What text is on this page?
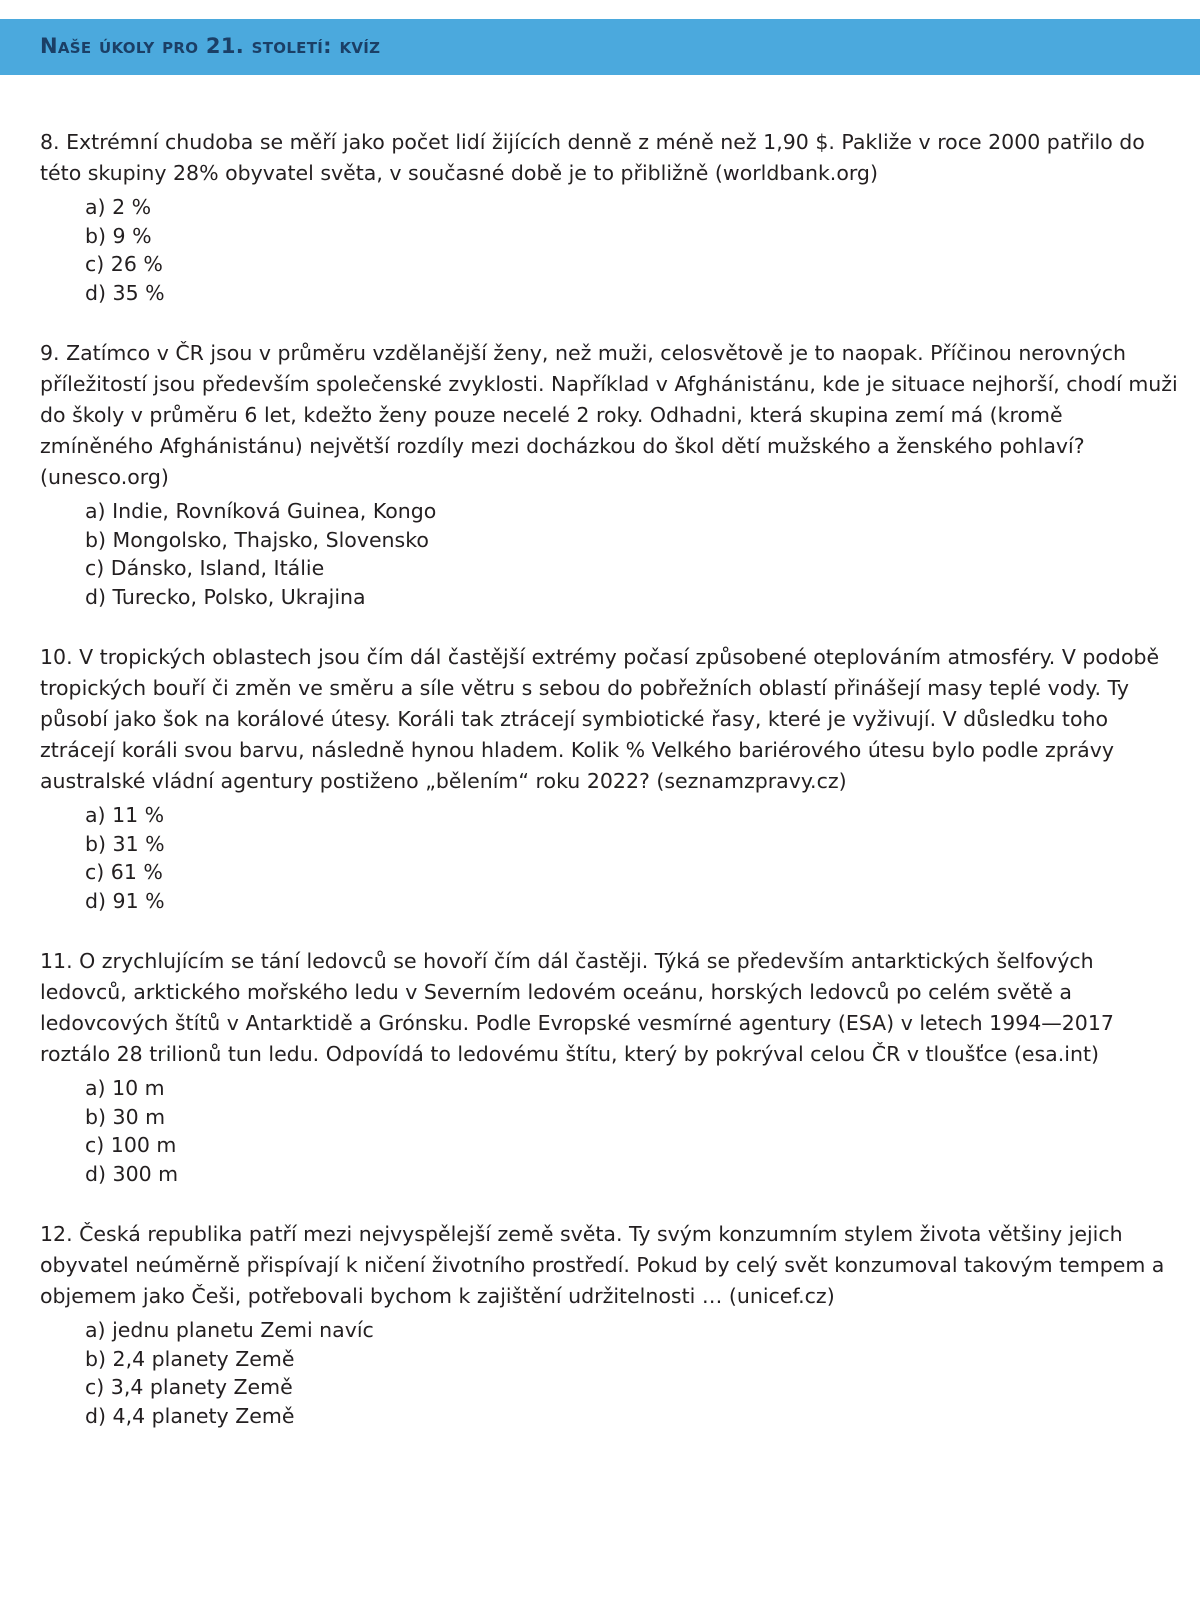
Naše úkoly pro 21. století: kvíz

8. Extrémní chudoba se měří jako počet lidí žijících denně z méně než 1,90 $. Pakliže v roce 2000 patřilo do této skupiny 28% obyvatel světa, v současné době je to přibližně (worldbank.org)

a) 2 %
b) 9 %
c) 26 %
d) 35 %

9. Zatímco v ČR jsou v průměru vzdělanější ženy, než muži, celosvětově je to naopak. Příčinou nerovných příležitostí jsou především společenské zvyklosti. Například v Afghánistánu, kde je situace nejhorší, chodí muži do školy v průměru 6 let, kdežto ženy pouze necelé 2 roky. Odhadni, která skupina zemí má (kromě zmíněného Afghánistánu) největší rozdíly mezi docházkou do škol dětí mužského a ženského pohlaví? (unesco.org)

a) Indie, Rovníková Guinea, Kongo
b) Mongolsko, Thajsko, Slovensko
c) Dánsko, Island, Itálie
d) Turecko, Polsko, Ukrajina

10. V tropických oblastech jsou čím dál častější extrémy počasí způsobené oteplováním atmosféry. V podobě tropických bouří či změn ve směru a síle větru s sebou do pobřežních oblastí přinášejí masy teplé vody. Ty působí jako šok na korálové útesy. Koráli tak ztrácejí symbiotické řasy, které je vyživují. V důsledku toho ztrácejí koráli svou barvu, následně hynou hladem. Kolik % Velkého bariérového útesu bylo podle zprávy australské vládní agentury postiženo „bělením“ roku 2022? (seznamzpravy.cz)

a) 11 %
b) 31 %
c) 61 %
d) 91 %

11. O zrychlujícím se tání ledovců se hovoří čím dál častěji. Týká se především antarktických šelfových ledovců, arktického mořského ledu v Severním ledovém oceánu, horských ledovců po celém světě a ledovcových štítů v Antarktidě a Grónsku. Podle Evropské vesmírné agentury (ESA) v letech 1994—2017 roztálo 28 trilionů tun ledu. Odpovídá to ledovému štítu, který by pokrýval celou ČR v tloušťce (esa.int)

a) 10 m
b) 30 m
c) 100 m
d) 300 m

12. Česká republika patří mezi nejvyspělejší země světa. Ty svým konzumním stylem života většiny jejich obyvatel neúměrně přispívají k ničení životního prostředí. Pokud by celý svět konzumoval takovým tempem a objemem jako Češi, potřebovali bychom k zajištění udržitelnosti … (unicef.cz)

a) jednu planetu Zemi navíc
b) 2,4 planety Země
c) 3,4 planety Země
d) 4,4 planety Země
